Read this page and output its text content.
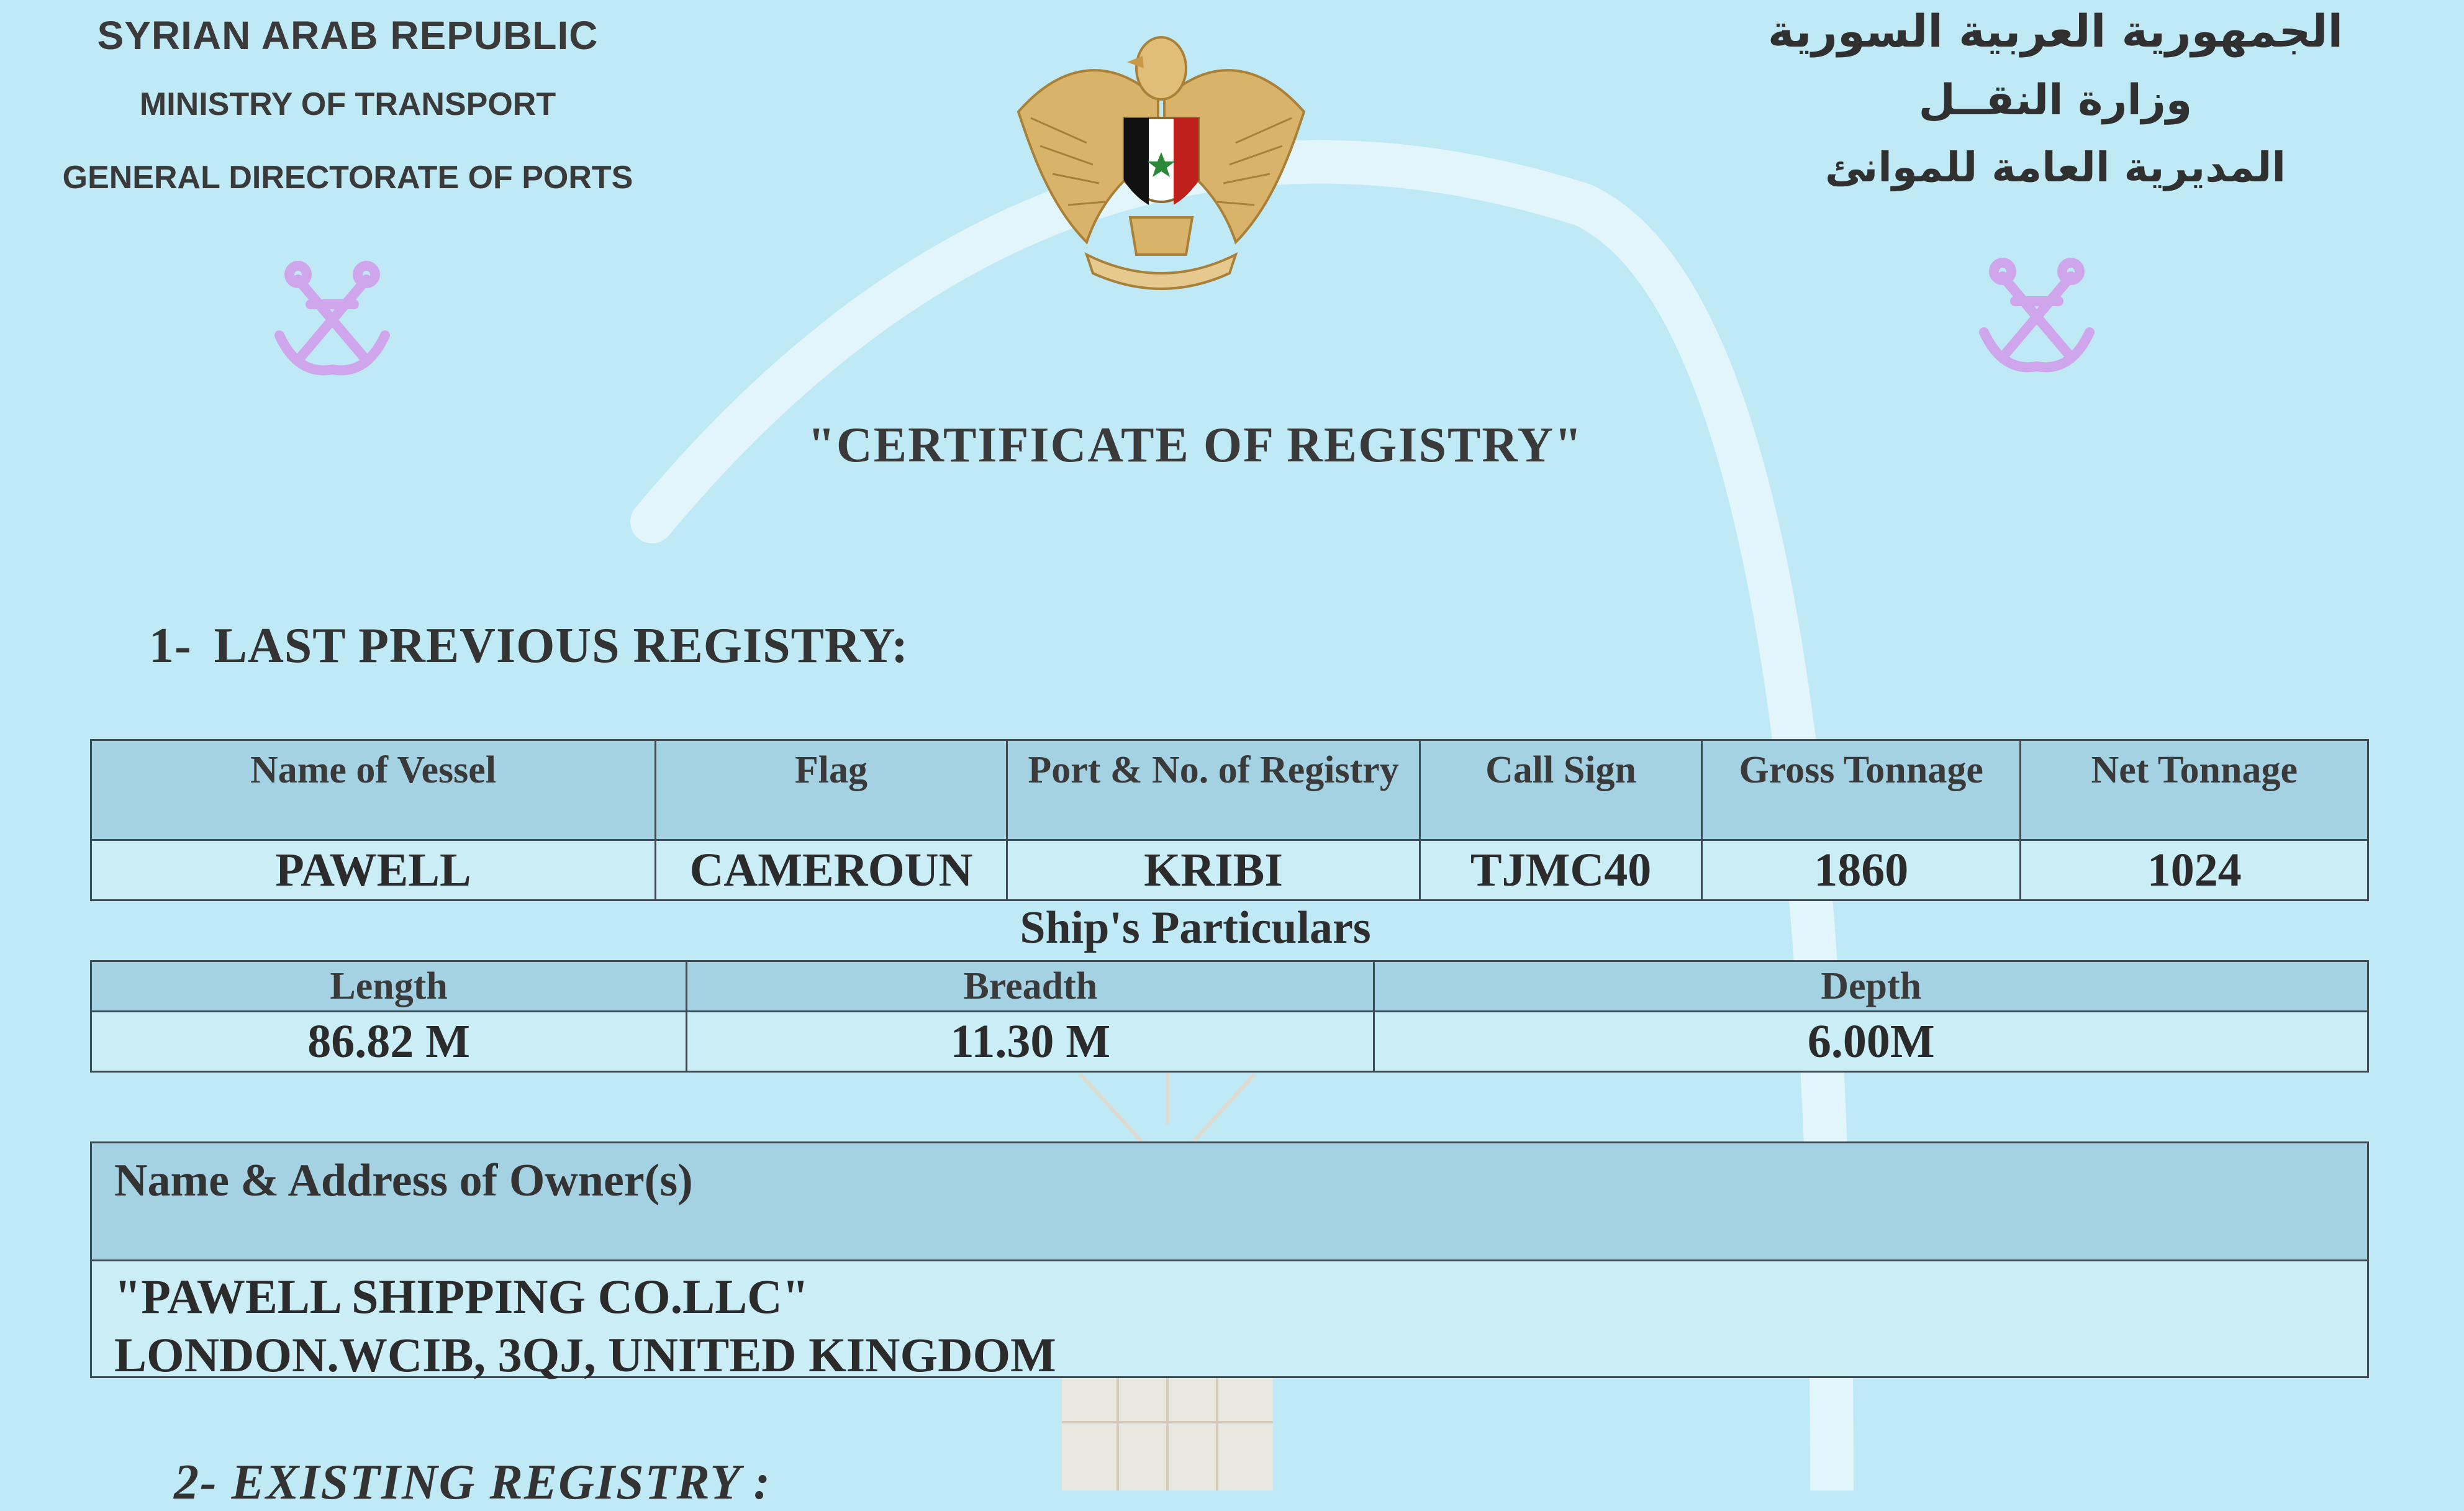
SYRIAN ARAB REPUBLIC
MINISTRY OF TRANSPORT
GENERAL DIRECTORATE OF PORTS
الجمهورية العربية السورية
وزارة النقــل
المديرية العامة للموانئ
"CERTIFICATE OF REGISTRY"
1- LAST PREVIOUS REGISTRY:
Name of Vessel	Flag	Port & No. of Registry	Call Sign	Gross Tonnage	Net Tonnage
PAWELL	CAMEROUN	KRIBI	TJMC40	1860	1024
Ship's Particulars
Length	Breadth	Depth
86.82 M	11.30 M	6.00M
Name & Address of Owner(s)
"PAWELL SHIPPING CO.LLC"
LONDON.WCIB, 3QJ, UNITED KINGDOM
2- EXISTING REGISTRY :
